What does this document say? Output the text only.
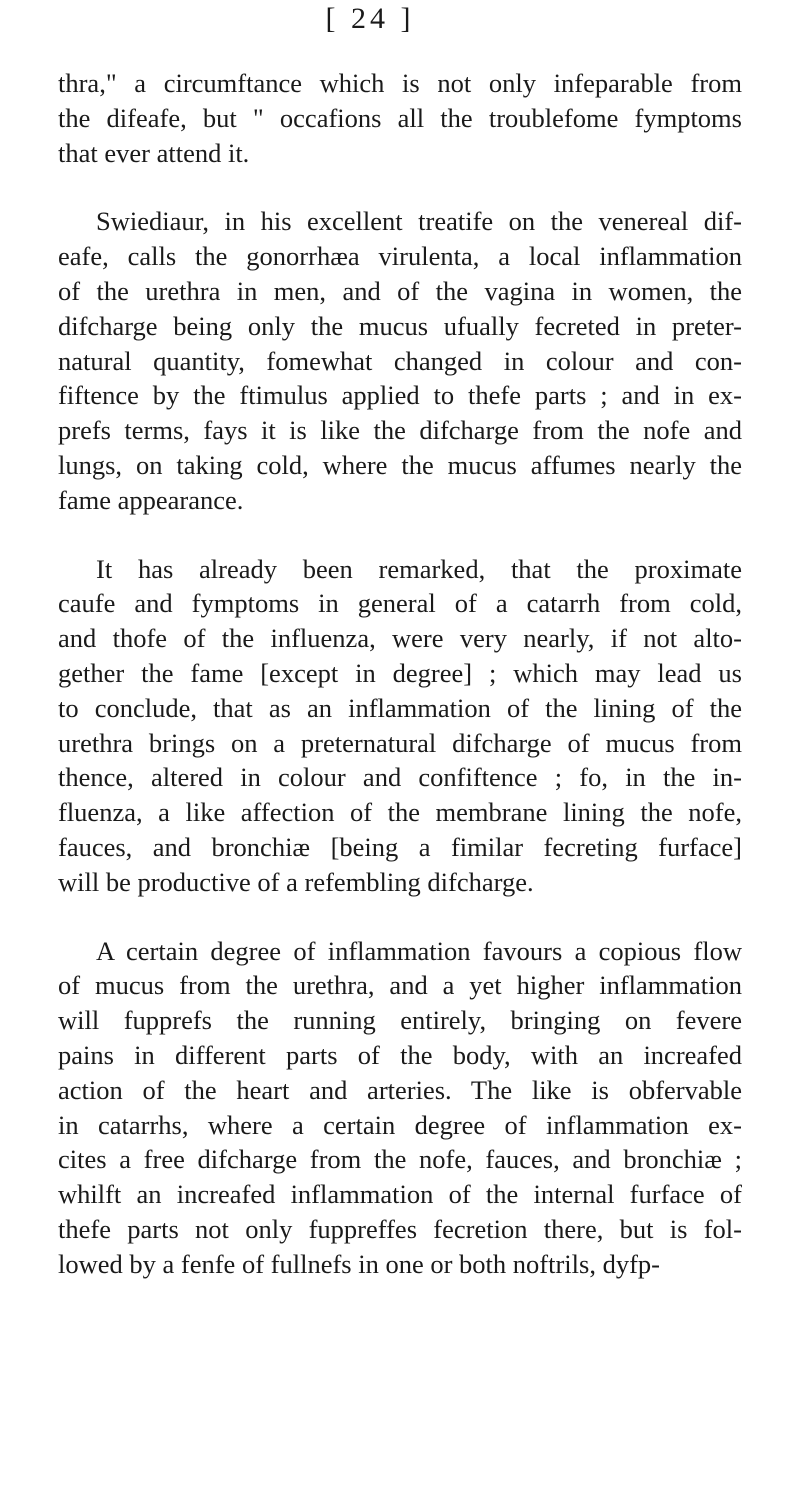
[ 24 ]
thra," a circumftance which is not only infeparable from
the difeafe, but " occafions all the troublefome fymptoms
that ever attend it.
Swiediaur, in his excellent treatife on the venereal dif-
eafe, calls the gonorrhæa virulenta, a local inflammation
of the urethra in men, and of the vagina in women, the
difcharge being only the mucus ufually fecreted in preter-
natural quantity, fomewhat changed in colour and con-
fiftence by the ftimulus applied to thefe parts ; and in ex-
prefs terms, fays it is like the difcharge from the nofe and
lungs, on taking cold, where the mucus affumes nearly the
fame appearance.
It has already been remarked, that the proximate
caufe and fymptoms in general of a catarrh from cold,
and thofe of the influenza, were very nearly, if not alto-
gether the fame [except in degree] ; which may lead us
to conclude, that as an inflammation of the lining of the
urethra brings on a preternatural difcharge of mucus from
thence, altered in colour and confiftence ; fo, in the in-
fluenza, a like affection of the membrane lining the nofe,
fauces, and bronchiæ [being a fimilar fecreting furface]
will be productive of a refembling difcharge.
A certain degree of inflammation favours a copious flow
of mucus from the urethra, and a yet higher inflammation
will fupprefs the running entirely, bringing on fevere
pains in different parts of the body, with an increafed
action of the heart and arteries. The like is obfervable
in catarrhs, where a certain degree of inflammation ex-
cites a free difcharge from the nofe, fauces, and bronchiæ ;
whilft an increafed inflammation of the internal furface of
thefe parts not only fuppreffes fecretion there, but is fol-
lowed by a fenfe of fullnefs in one or both noftrils, dyfp-
